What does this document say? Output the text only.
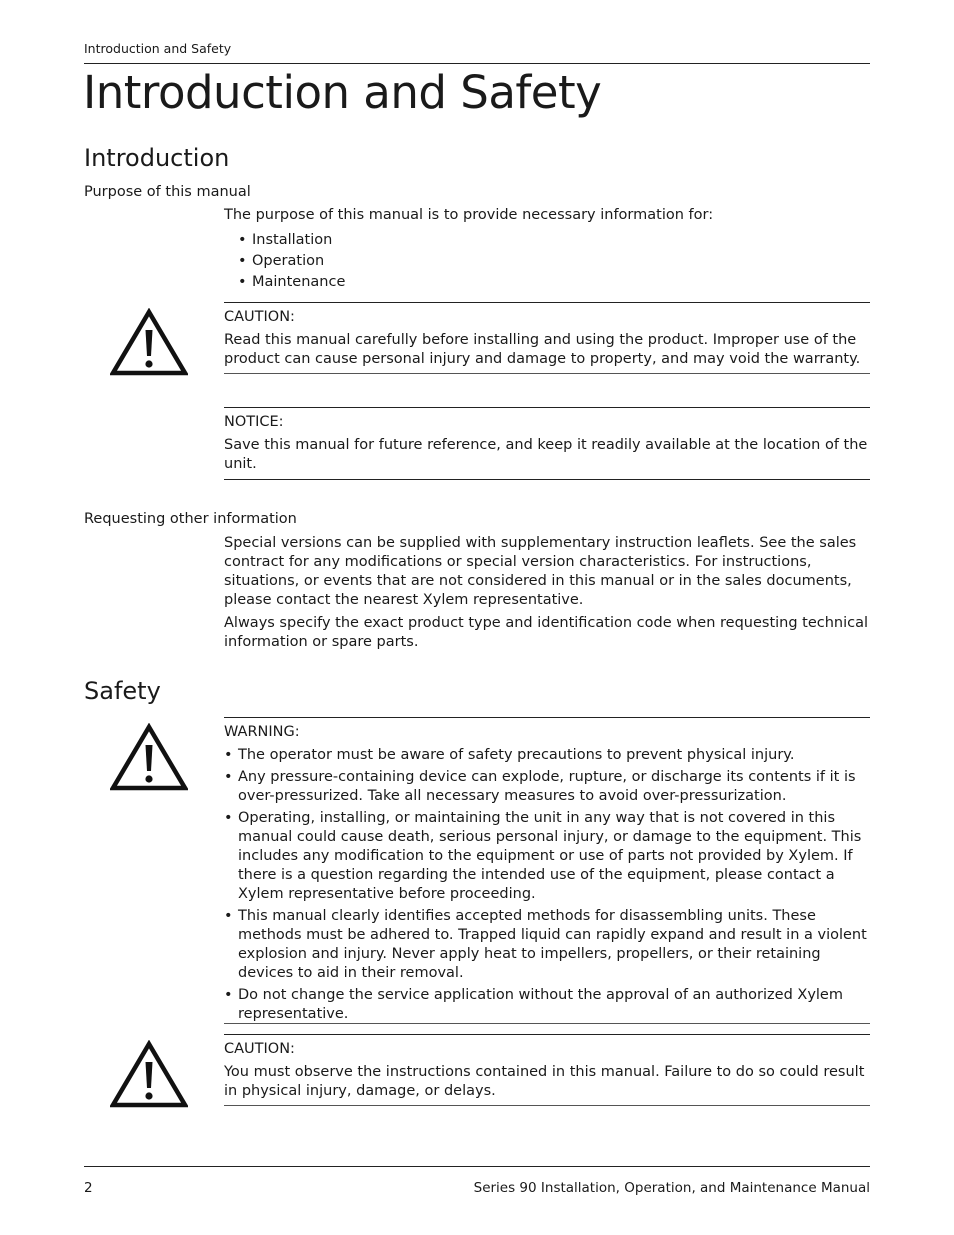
Introduction and Safety
Introduction and Safety
Introduction
Purpose of this manual

The purpose of this manual is to provide necessary information for:

• Installation
• Operation
• Maintenance
CAUTION:
Read this manual carefully before installing and using the product. Improper use of the product can cause personal injury and damage to property, and may void the warranty.
NOTICE:
Save this manual for future reference, and keep it readily available at the location of the unit.
Requesting other information

Special versions can be supplied with supplementary instruction leaflets. See the sales contract for any modifications or special version characteristics. For instructions, situations, or events that are not considered in this manual or in the sales documents, please contact the nearest Xylem representative.

Always specify the exact product type and identification code when requesting technical information or spare parts.

Safety
WARNING:
• The operator must be aware of safety precautions to prevent physical injury.
• Any pressure-containing device can explode, rupture, or discharge its contents if it is over-pressurized. Take all necessary measures to avoid over-pressurization.
• Operating, installing, or maintaining the unit in any way that is not covered in this manual could cause death, serious personal injury, or damage to the equipment. This includes any modification to the equipment or use of parts not provided by Xylem. If there is a question regarding the intended use of the equipment, please contact a Xylem representative before proceeding.
• This manual clearly identifies accepted methods for disassembling units. These methods must be adhered to. Trapped liquid can rapidly expand and result in a violent explosion and injury. Never apply heat to impellers, propellers, or their retaining devices to aid in their removal.
• Do not change the service application without the approval of an authorized Xylem representative.
CAUTION:
You must observe the instructions contained in this manual. Failure to do so could result in physical injury, damage, or delays.
2	Series 90 Installation, Operation, and Maintenance Manual
